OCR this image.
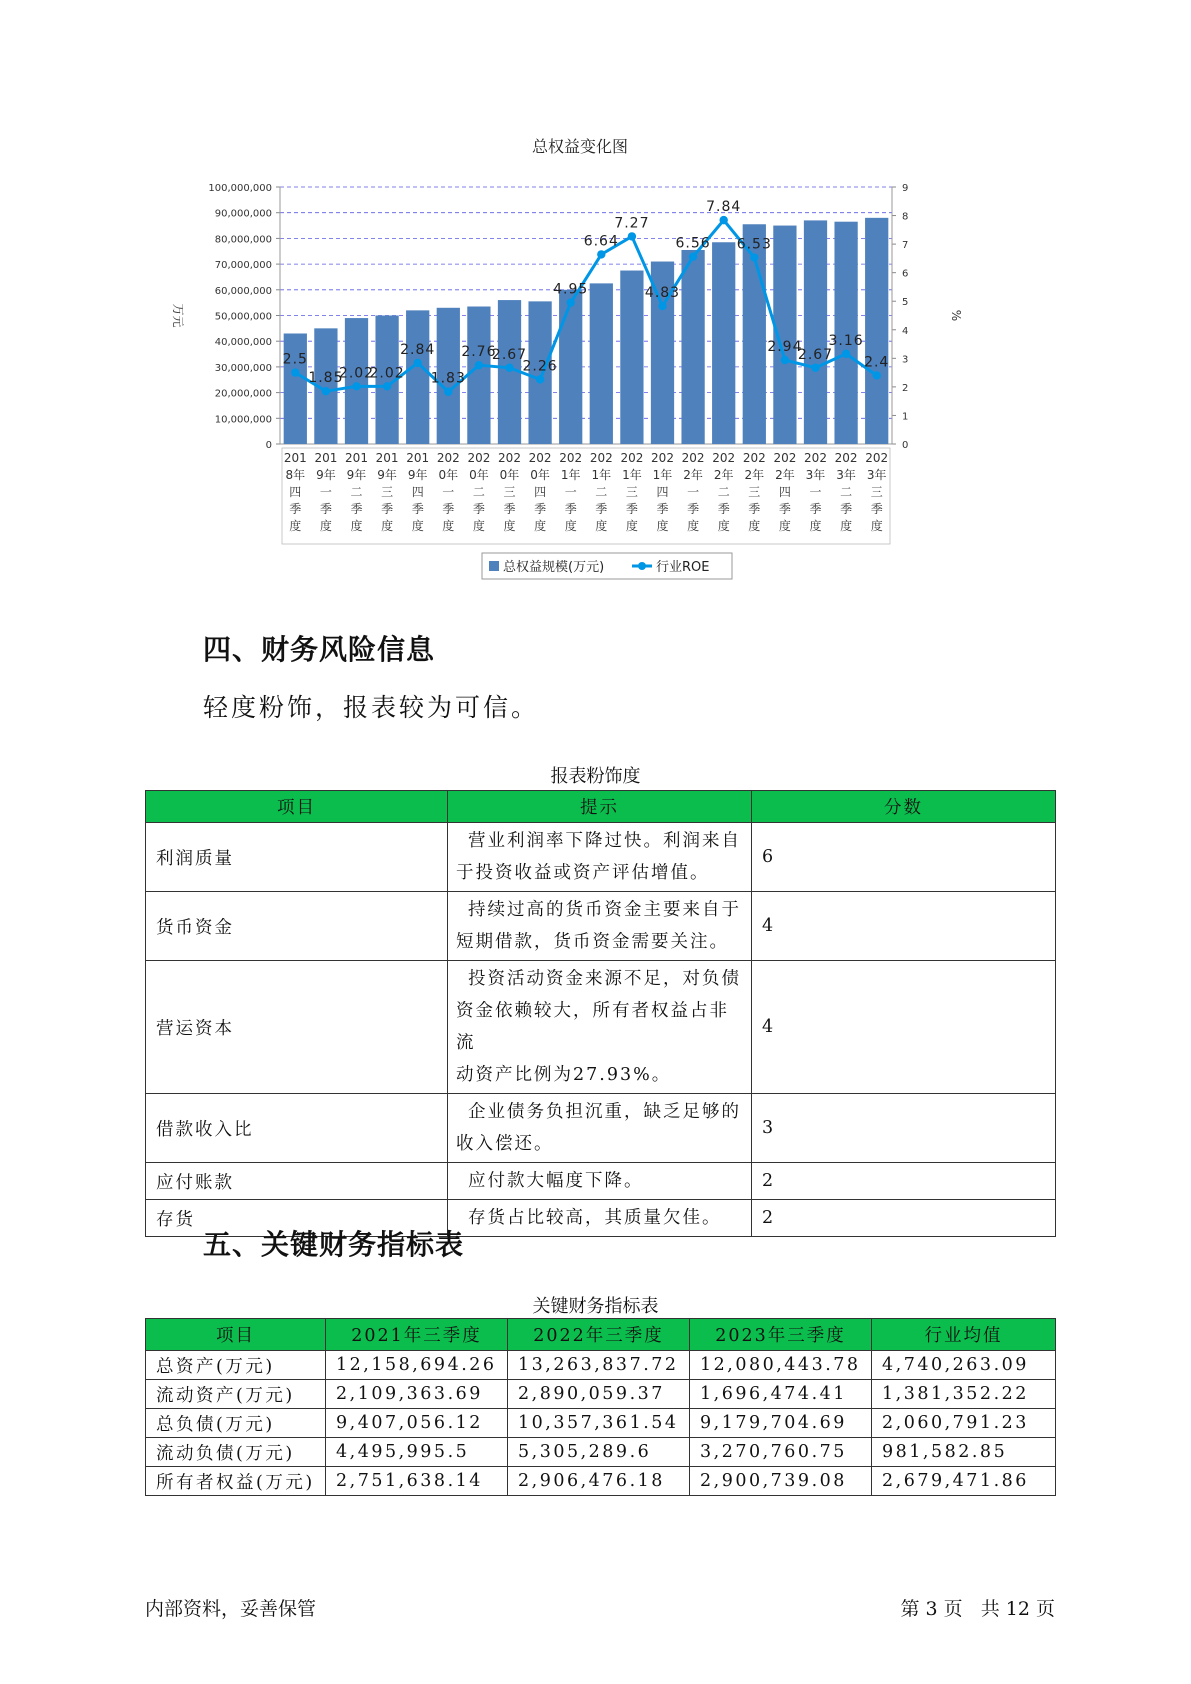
总权益变化图
100,000,000
90,000,000
80,000,000
70,000,000
60,000,000
50,000,000
40,000,000
30,000,000
20,000,000
10,000,000
0
9
8
7
6
5
4
3
2
1
0
万元	%
201
8年
四
季
度
201
9年
一
季
度
201
9年
二
季
度
201
9年
三
季
度
201
9年
四
季
度
202
0年
一
季
度
202
0年
二
季
度
202
0年
三
季
度
202
0年
四
季
度
202
1年
一
季
度
202
1年
二
季
度
202
1年
三
季
度
202
1年
四
季
度
202
2年
一
季
度
202
2年
二
季
度
202
2年
三
季
度
202
2年
四
季
度
202
3年
一
季
度
202
3年
二
季
度
202
3年
三
季
度
2.5
1.85
2.02
2.02
2.84
1.83
2.76
2.67
2.26
4.95
6.64
7.27
4.83
6.56
7.84
6.53
2.94
2.67
3.16
2.4
总权益规模(万元)	行业ROE
四、财务风险信息
轻度粉饰，报表较为可信。
报表粉饰度
项目	提示	分数
利润质量	营业利润率下降过快。利润来自
于投资收益或资产评估增值。	6
货币资金	持续过高的货币资金主要来自于
短期借款，货币资金需要关注。	4
营运资本	投资活动资金来源不足，对负债
资金依赖较大，所有者权益占非流
动资产比例为27.93%。	4
借款收入比	企业债务负担沉重，缺乏足够的
收入偿还。	3
应付账款	应付款大幅度下降。	2
存货	存货占比较高，其质量欠佳。	2
五、关键财务指标表
关键财务指标表
项目	2021年三季度	2022年三季度	2023年三季度	行业均值
总资产(万元)	12,158,694.26	13,263,837.72	12,080,443.78	4,740,263.09
流动资产(万元)	2,109,363.69	2,890,059.37	1,696,474.41	1,381,352.22
总负债(万元)	9,407,056.12	10,357,361.54	9,179,704.69	2,060,791.23
流动负债(万元)	4,495,995.5	5,305,289.6	3,270,760.75	981,582.85
所有者权益(万元)	2,751,638.14	2,906,476.18	2,900,739.08	2,679,471.86
内部资料，妥善保管	第 3 页   共 12 页
